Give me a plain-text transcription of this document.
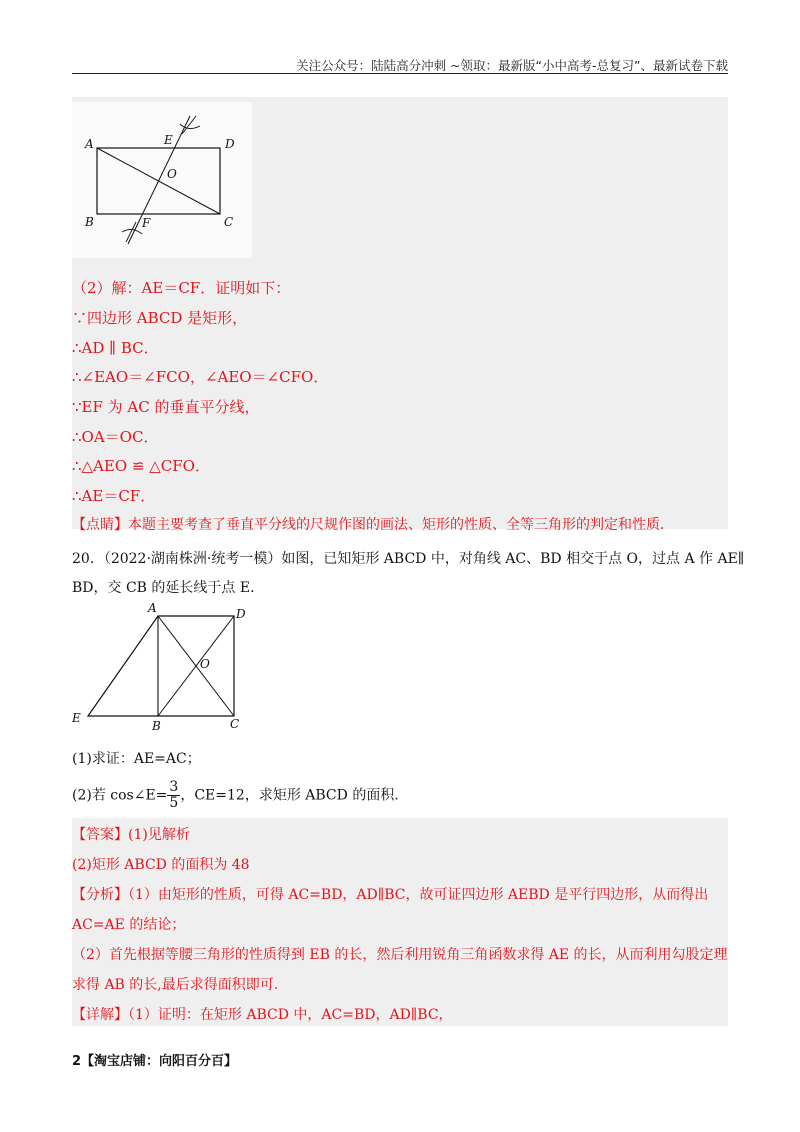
关注公众号：陆陆高分冲刺 ~领取：最新版“小中高考-总复习”、最新试卷下载
A	D
B	C
E
F
O
（2）解：AE＝CF．证明如下：
∵四边形 ABCD 是矩形，
∴AD ∥ BC．
∴∠EAO＝∠FCO，∠AEO＝∠CFO．
∵EF 为 AC 的垂直平分线，
∴OA＝OC．
∴△AEO ≌ △CFO．
∴AE＝CF．
【点睛】本题主要考查了垂直平分线的尺规作图的画法、矩形的性质、全等三角形的判定和性质．
20．（2022·湖南株洲·统考一模）如图，已知矩形 ABCD 中，对角线 AC、BD 相交于点 O，过点 A 作 AE∥
BD，交 CB 的延长线于点 E．
A	D
E
B	C
O
(1)求证：AE=AC；
(2)若 cos∠E= $\frac{3}{5}$ ，CE=12，求矩形 ABCD 的面积．
【答案】(1)见解析
(2)矩形 ABCD 的面积为 48
【分析】（1）由矩形的性质，可得 AC=BD，AD∥BC，故可证四边形 AEBD 是平行四边形，从而得出
AC=AE 的结论；
（2）首先根据等腰三角形的性质得到 EB 的长，然后利用锐角三角函数求得 AE 的长，从而利用勾股定理
求得 AB 的长,最后求得面积即可.
【详解】（1）证明：在矩形 ABCD 中，AC=BD，AD∥BC，
2【淘宝店铺：向阳百分百】
